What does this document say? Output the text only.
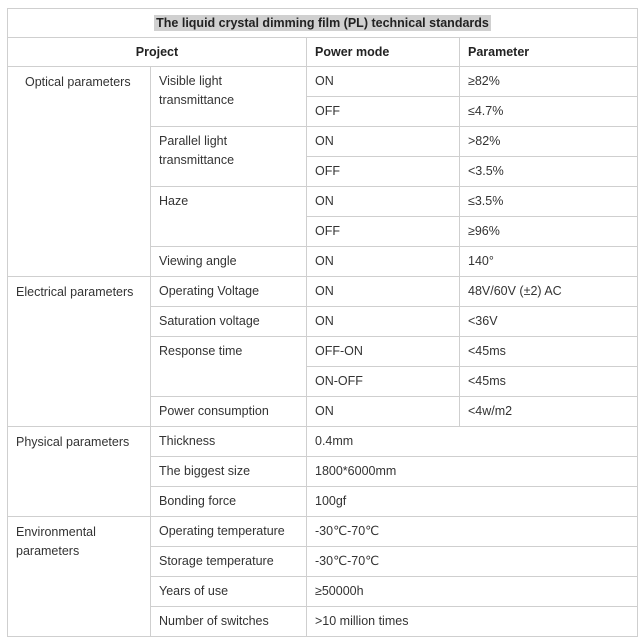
The liquid crystal dimming film (PL) technical standards			
Project		Power mode	Parameter
Optical parameters	Visible light transmittance	ON	≥82%
		OFF	≤4.7%
	Parallel light transmittance	ON	>82%
		OFF	<3.5%
	Haze	ON	≤3.5%
		OFF	≥96%
	Viewing angle	ON	140°
Electrical parameters	Operating Voltage	ON	48V/60V (±2) AC
	Saturation voltage	ON	<36V
	Response time	OFF-ON	<45ms
		ON-OFF	<45ms
	Power consumption	ON	<4w/m2
Physical parameters	Thickness	0.4mm	
	The biggest size	1800*6000mm	
	Bonding force	100gf	
Environmental parameters	Operating temperature	-30℃-70℃	
	Storage temperature	-30℃-70℃	
	Years of use	≥50000h	
	Number of switches	>10 million times	
